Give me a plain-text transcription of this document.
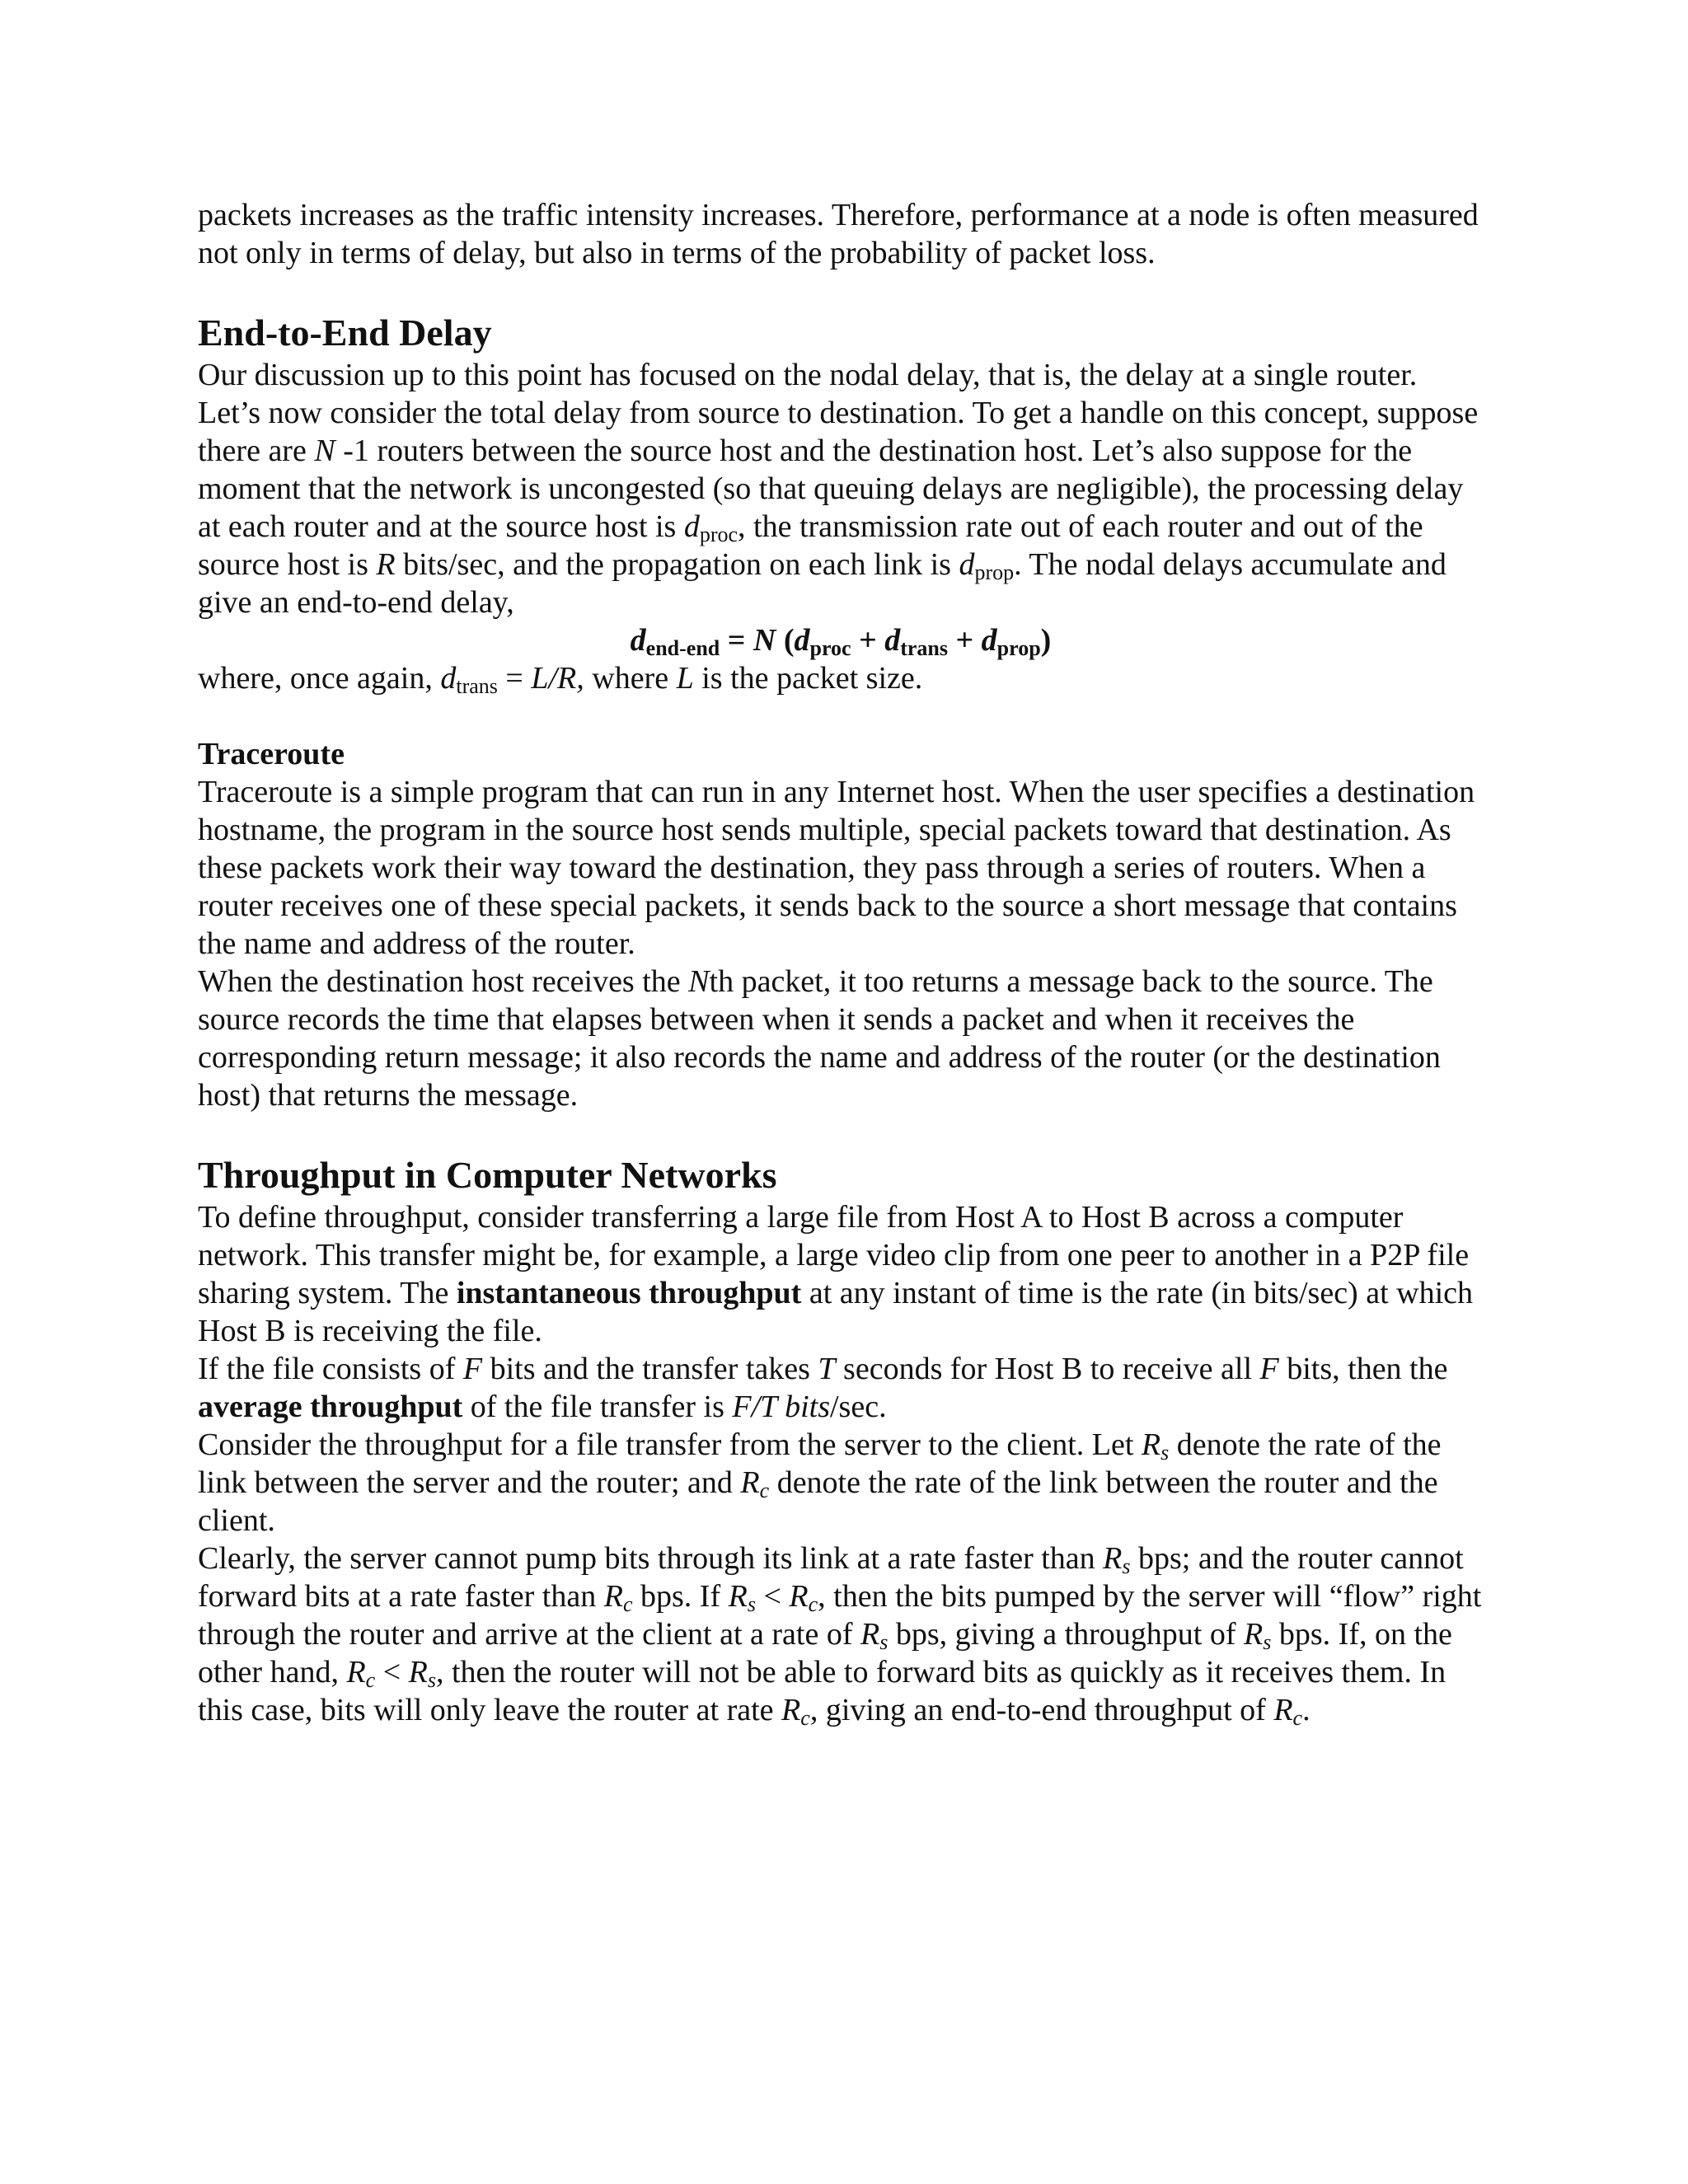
packets increases as the traffic intensity increases. Therefore, performance at a node is often measured not only in terms of delay, but also in terms of the probability of packet loss.

End-to-End Delay

Our discussion up to this point has focused on the nodal delay, that is, the delay at a single router. Let’s now consider the total delay from source to destination. To get a handle on this concept, suppose there are N -1 routers between the source host and the destination host. Let’s also suppose for the moment that the network is uncongested (so that queuing delays are negligible), the processing delay at each router and at the source host is $d_{proc}$, the transmission rate out of each router and out of the source host is R bits/sec, and the propagation on each link is $d_{prop}$. The nodal delays accumulate and give an end-to-end delay,

$d_{end-end} = N$ $(d_{proc} + d_{trans} + d_{prop})$

where, once again, $d_{trans} = L/R$, where L is the packet size.

Traceroute

Traceroute is a simple program that can run in any Internet host. When the user specifies a destination hostname, the program in the source host sends multiple, special packets toward that destination. As these packets work their way toward the destination, they pass through a series of routers. When a router receives one of these special packets, it sends back to the source a short message that contains the name and address of the router.

When the destination host receives the Nth packet, it too returns a message back to the source. The source records the time that elapses between when it sends a packet and when it receives the corresponding return message; it also records the name and address of the router (or the destination host) that returns the message.

Throughput in Computer Networks

To define throughput, consider transferring a large file from Host A to Host B across a computer network. This transfer might be, for example, a large video clip from one peer to another in a P2P file sharing system. The instantaneous throughput at any instant of time is the rate (in bits/sec) at which Host B is receiving the file.

If the file consists of F bits and the transfer takes T seconds for Host B to receive all F bits, then the average throughput of the file transfer is F/T bits/sec.

Consider the throughput for a file transfer from the server to the client. Let $R_s$ denote the rate of the link between the server and the router; and $R_c$ denote the rate of the link between the router and the client.

Clearly, the server cannot pump bits through its link at a rate faster than $R_s$ bps; and the router cannot forward bits at a rate faster than $R_c$ bps. If $R_s < R_c$, then the bits pumped by the server will “flow” right through the router and arrive at the client at a rate of $R_s$ bps, giving a throughput of $R_s$ bps. If, on the other hand, $R_c < R_s$, then the router will not be able to forward bits as quickly as it receives them. In this case, bits will only leave the router at rate $R_c$, giving an end-to-end throughput of $R_c$.
